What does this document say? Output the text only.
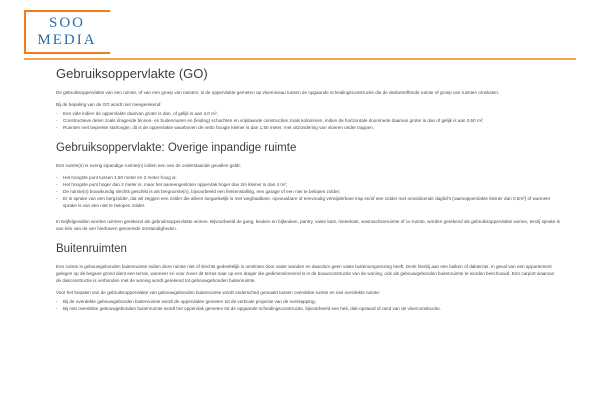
SOO
MEDIA
Gebruiksoppervlakte (GO)

De gebruiksoppervlakte van een ruimte, of van een groep van ruimten, is de oppervlakte gemeten op vloerniveau tussen de opgaande scheidingsconstructie die de desbetreffende ruimte of groep van ruimten omsluiten.

Bij de bepaling van de GO wordt niet meegerekend:

- Een vide indien de oppervlakte daarvan groter is dan, of gelijk is aan 4,0 m²;
- Constructieve delen zoals dragende binnen- en buitenmuren en (leiding) schachten en vrijstaande constructies zoals kolommen, indien de horizontale doorsnede daarvan groter is dan of gelijk is aan 0,50 m²;
- Ruimten met beperkte stahoogte; dit is de oppervlakte waarboven de netto hoogte kleiner is dan 1,50 meter, met uitzondering van vloeren onder trappen.
Gebruiksoppervlakte: Overige inpandige ruimte

Een ruimte(n) is overig inpandige ruimte(n) indien een van de onderstaande gevallen geldt:

- Het hoogste punt tussen 1,50 meter en 2 meter hoog is;
- Het hoogste punt hoger dan 2 meter is, maar het aaneengesloten oppervlak hoger dan 2m kleiner is dan 4 m²;
- De ruimte(n) bouwkundig slechts geschikt is als bergruimte(n), bijvoorbeeld een fietsenstalling, een garage of een niet te belopen zolder;
- Er is sprake van een bergzolder, dat wil zeggen een zolder die alleen toegankelijk is met weghaalbare, opvouwbare of eenvoudig verwijderbare trap en/of een zolder met onvoldoende daglicht (raamoppervlakte kleiner dan 0,5m²) of wanneer sprake is van een niet te belopen zolder.

In twijfelgevallen worden ruimten gerekend als gebruiksoppervlakte wonen. Bijvoorbeeld de gang, keuken en bijkeuken, pantry, vaste kast, meterkast, wasmachineruimte of cv-ruimte, worden gerekend als gebruiksoppervlakte wonen, tenzij sprake is van één van de vier hierboven genoemde omstandigheden.

Buitenruimten

Een ruimte is gebouwgebonden buitenruimte indien deze ruimte niet of slechts gedeeltelijk is omsloten door vaste wanden en daardoor geen vaste buitenomgrenzing heeft. Denk hierbij aan een balkon of dakterras. In geval van een appartement gelegen op de begane grond dient een terras, wanneer en voor zover dit terras naar op een drager die gedimensioneerd is in de bouwconstructie van de woning, ook als gebouwgebonden buitenruimte te worden beschouwd. Een carport waarvan de dakconstructie is verbonden met de woning wordt gerekend tot gebouwgebonden buitenruimte.

Voor het bepalen van de gebruiksoppervlakte van gebouwgebonden buitenruimte wordt ondersched gemaakt tussen overdekte ruimte en niet overdekte ruimte:

- Bij de overdekte gebouwgebonden buitenruimte wordt de oppervlakte gemeten tot de verticale projectie van de overkapping;
- Bij niet overdekte gebouwgebonden buitenruimte wordt het oppervlak gemeten tot de opgaande scheidingsconstructie, bijvoorbeeld een hek, dak-opstand of rand van de vloerconstructie.
